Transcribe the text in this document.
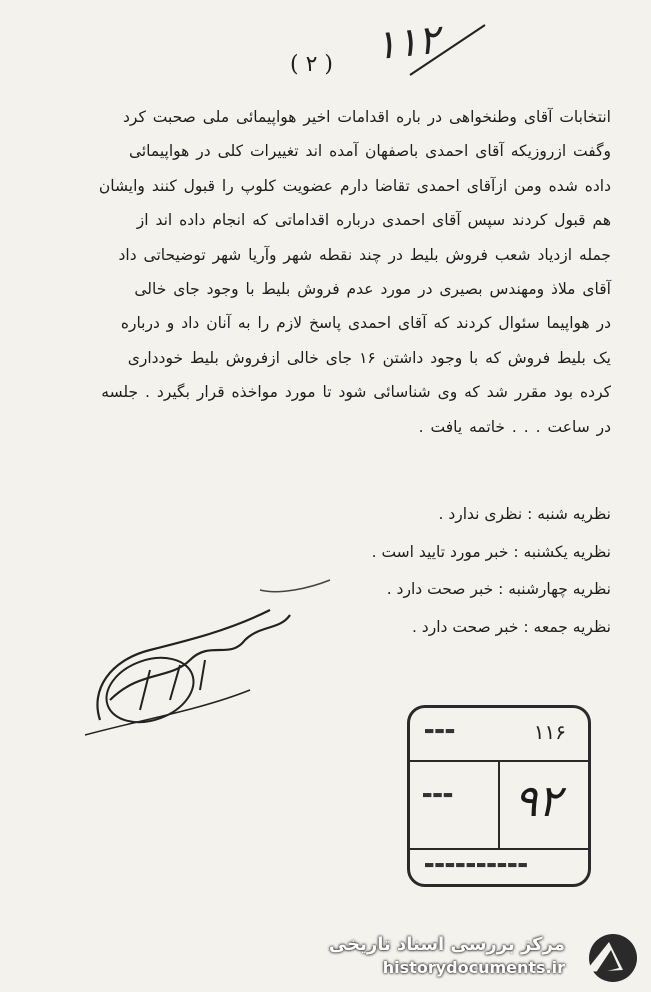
( ۲ ) ۱۱۲

انتخابات آقای وطنخواهی در باره اقدامات اخیر هواپیمائی ملی صحبت کرد

وگفت ازروزیکه آقای احمدی باصفهان آمده اند تغییرات کلی در هواپیمائی

داده شده ومن ازآقای احمدی تقاضا دارم عضویت کلوپ را قبول کنند وایشان

هم قبول کردند سپس آقای احمدی درباره اقداماتی که انجام داده اند از

جمله ازدیاد شعب فروش بلیط در چند نقطه شهر وآریا شهر توضیحاتی داد

آقای ملاذ ومهندس بصیری در مورد عدم فروش بلیط با وجود جای خالی

در هواپیما سئوال کردند که آقای احمدی پاسخ لازم را به آنان داد و درباره

یک بلیط فروش که با وجود داشتن ۱۶ جای خالی ازفروش بلیط خودداری

کرده بود مقرر شد که وی شناسائی شود تا مورد مواخذه قرار بگیرد . جلسه

در ساعت . . . خاتمه یافت .

نظریه شنبه : نظری ندارد .
نظریه یکشنبه : خبر مورد تایید است .
نظریه چهارشنبه : خبر صحت دارد .
نظریه جمعه : خبر صحت دارد .
▬▬▬	۱۱۶
▬▬▬ ۹۲
▬▬▬▬▬▬▬▬▬▬
مرکز بررسی اسناد تاریخی
historydocuments.ir
